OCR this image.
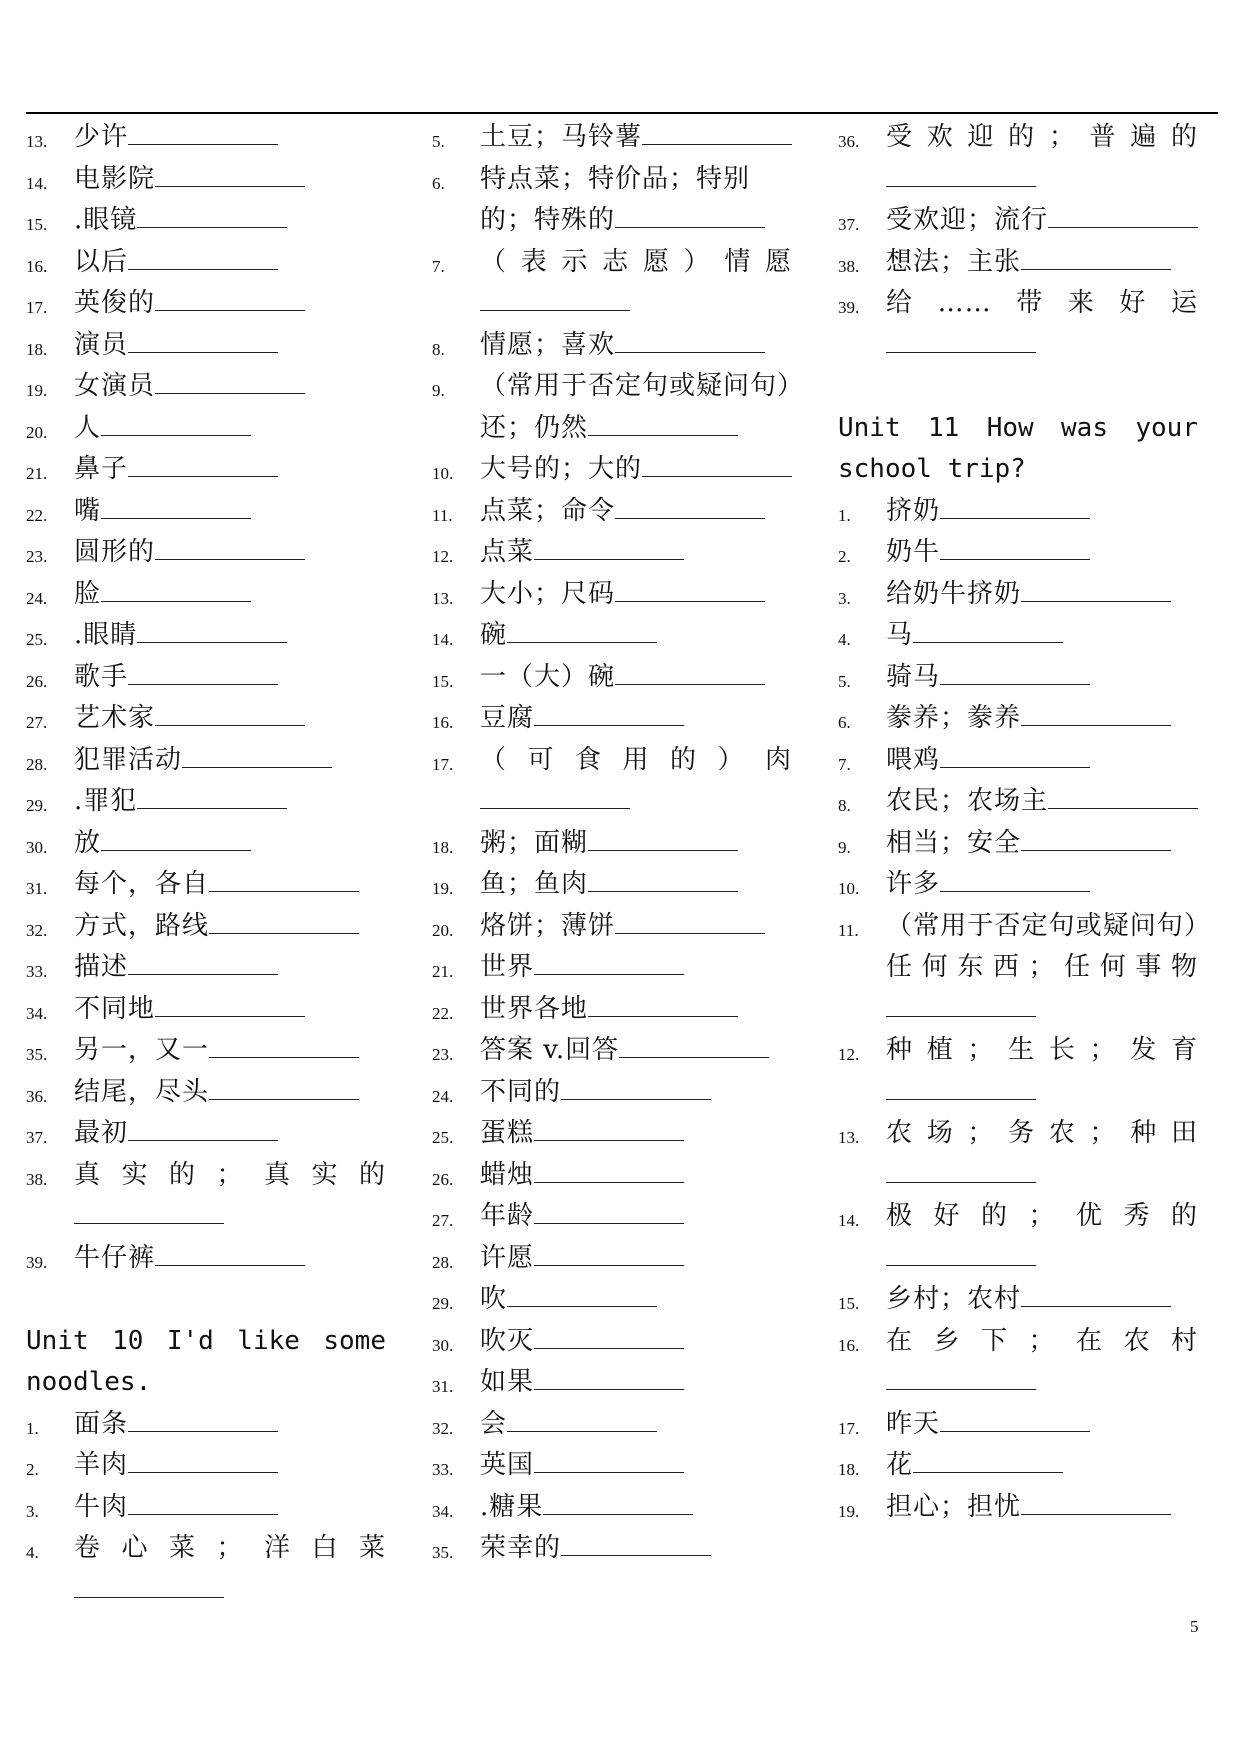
13.	少许
14.	电影院
15.	.眼镜
16.	以后
17.	英俊的
18.	演员
19.	女演员
20.	人
21.	鼻子
22.	嘴
23.	圆形的
24.	脸
25.	.眼睛
26.	歌手
27.	艺术家
28.	犯罪活动
29.	.罪犯
30.	放
31.	每个，各自
32.	方式，路线
33.	描述
34.	不同地
35.	另一，又一
36.	结尾，尽头
37.	最初
38.	真实的；真实的
39.	牛仔裤
Unit 10 I'd like some noodles.
1.	面条
2.	羊肉
3.	牛肉
4.	卷心菜；洋白菜
5.	土豆；马铃薯
6.	特点菜；特价品；特别的；特殊的
7.	（表示志愿）情愿
8.	情愿；喜欢
9.	（常用于否定句或疑问句）还；仍然
10.	大号的；大的
11.	点菜；命令
12.	点菜
13.	大小；尺码
14.	碗
15.	一（大）碗
16.	豆腐
17.	（可食用的）肉
18.	粥；面糊
19.	鱼；鱼肉
20.	烙饼；薄饼
21.	世界
22.	世界各地
23.	答案 v.回答
24.	不同的
25.	蛋糕
26.	蜡烛
27.	年龄
28.	许愿
29.	吹
30.	吹灭
31.	如果
32.	会
33.	英国
34.	.糖果
35.	荣幸的
36.	受欢迎的；普遍的
37.	受欢迎；流行
38.	想法；主张
39.	给……带来好运
Unit 11 How was your school trip?
1.	挤奶
2.	奶牛
3.	给奶牛挤奶
4.	马
5.	骑马
6.	豢养；豢养
7.	喂鸡
8.	农民；农场主
9.	相当；安全
10.	许多
11.	（常用于否定句或疑问句）任何东西；任何事物
12.	种植；生长；发育
13.	农场；务农；种田
14.	极好的；优秀的
15.	乡村；农村
16.	在乡下；在农村
17.	昨天
18.	花
19.	担心；担忧
5
